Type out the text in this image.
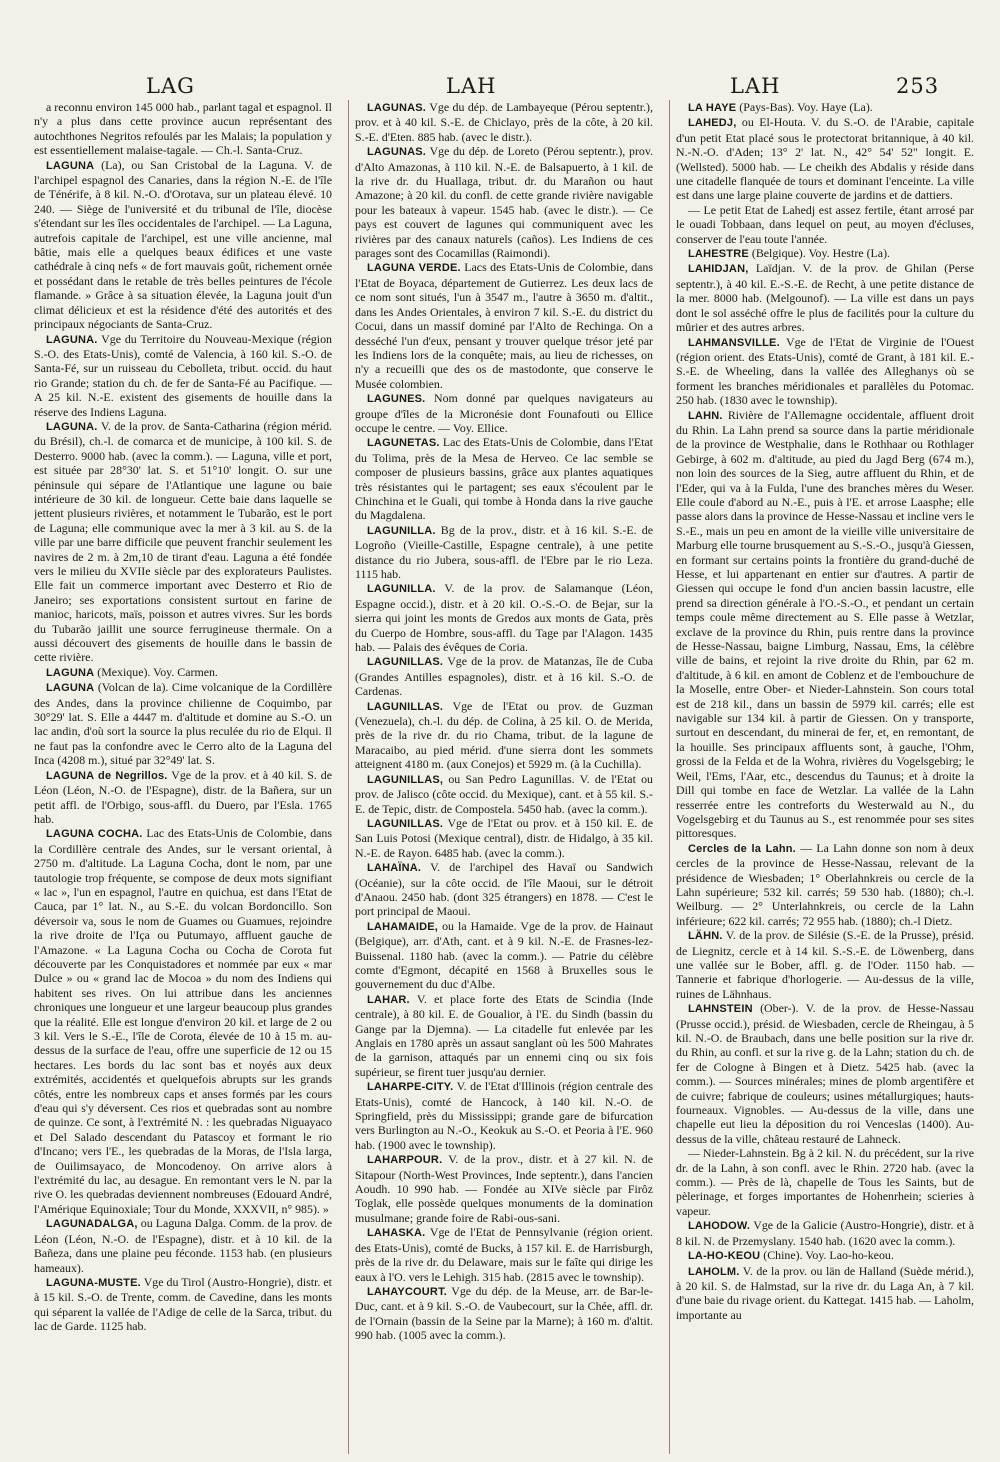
LAG	LAH	LAH	253

a reconnu environ 145 000 hab., parlant tagal et espagnol. Il n'y a plus dans cette province aucun représentant des autochthones Negritos refoulés par les Malais; la population y est essentiellement malaise-tagale. — Ch.-l. Santa-Cruz.

LAGUNA (La), ou San Cristobal de la Laguna. V. de l'archipel espagnol des Canaries, dans la région N.-E. de l'île de Ténérife, à 8 kil. N.-O. d'Orotava, sur un plateau élevé. 10 240. — Siège de l'université et du tribunal de l'île, diocèse s'étendant sur les îles occidentales de l'archipel. — La Laguna, autrefois capitale de l'archipel, est une ville ancienne, mal bâtie, mais elle a quelques beaux édifices et une vaste cathédrale à cinq nefs « de fort mauvais goût, richement ornée et possédant dans le retable de très belles peintures de l'école flamande. » Grâce à sa situation élevée, la Laguna jouit d'un climat délicieux et est la résidence d'été des autorités et des principaux négociants de Santa-Cruz.

LAGUNA. Vge du Territoire du Nouveau-Mexique (région S.-O. des Etats-Unis), comté de Valencia, à 160 kil. S.-O. de Santa-Fé, sur un ruisseau du Cebolleta, tribut. occid. du haut rio Grande; station du ch. de fer de Santa-Fé au Pacifique. — A 25 kil. N.-E. existent des gisements de houille dans la réserve des Indiens Laguna.

LAGUNA. V. de la prov. de Santa-Catharina (région mérid. du Brésil), ch.-l. de comarca et de municipe, à 100 kil. S. de Desterro. 9000 hab. (avec la comm.). — Laguna, ville et port, est située par 28°30' lat. S. et 51°10' longit. O. sur une péninsule qui sépare de l'Atlantique une lagune ou baie intérieure de 30 kil. de longueur. Cette baie dans laquelle se jettent plusieurs rivières, et notamment le Tubarão, est le port de Laguna; elle communique avec la mer à 3 kil. au S. de la ville par une barre difficile que peuvent franchir seulement les navires de 2 m. à 2m,10 de tirant d'eau. Laguna a été fondée vers le milieu du XVIIe siècle par des explorateurs Paulistes. Elle fait un commerce important avec Desterro et Rio de Janeiro; ses exportations consistent surtout en farine de manioc, haricots, maïs, poisson et autres vivres. Sur les bords du Tubarão jaillit une source ferrugineuse thermale. On a aussi découvert des gisements de houille dans le bassin de cette rivière.

LAGUNA (Mexique). Voy. Carmen.

LAGUNA (Volcan de la). Cime volcanique de la Cordillère des Andes, dans la province chilienne de Coquimbo, par 30°29' lat. S. Elle a 4447 m. d'altitude et domine au S.-O. un lac andin, d'où sort la source la plus reculée du rio de Elqui. Il ne faut pas la confondre avec le Cerro alto de la Laguna del Inca (4208 m.), situé par 32°49' lat. S.

LAGUNA de Negrillos. Vge de la prov. et à 40 kil. S. de Léon (Léon, N.-O. de l'Espagne), distr. de la Bañera, sur un petit affl. de l'Orbigo, sous-affl. du Duero, par l'Esla. 1765 hab.

LAGUNA COCHA. Lac des Etats-Unis de Colombie, dans la Cordillère centrale des Andes, sur le versant oriental, à 2750 m. d'altitude. La Laguna Cocha, dont le nom, par une tautologie trop fréquente, se compose de deux mots signifiant « lac », l'un en espagnol, l'autre en quichua, est dans l'Etat de Cauca, par 1° lat. N., au S.-E. du volcan Bordoncillo. Son déversoir va, sous le nom de Guames ou Guamues, rejoindre la rive droite de l'Iça ou Putumayo, affluent gauche de l'Amazone. « La Laguna Cocha ou Cocha de Corota fut découverte par les Conquistadores et nommée par eux « mar Dulce » ou « grand lac de Mocoa » du nom des Indiens qui habitent ses rives. On lui attribue dans les anciennes chroniques une longueur et une largeur beaucoup plus grandes que la réalité. Elle est longue d'environ 20 kil. et large de 2 ou 3 kil. Vers le S.-E., l'île de Corota, élevée de 10 à 15 m. au-dessus de la surface de l'eau, offre une superficie de 12 ou 15 hectares. Les bords du lac sont bas et noyés aux deux extrémités, accidentés et quelquefois abrupts sur les grands côtés, entre les nombreux caps et anses formés par les cours d'eau qui s'y déversent. Ces rios et quebradas sont au nombre de quinze. Ce sont, à l'extrémité N. : les quebradas Niguayaco et Del Salado descendant du Patascoy et formant le rio d'Incano; vers l'E., les quebradas de la Moras, de l'Isla larga, de Ouilimsayaco, de Moncodenoy. On arrive alors à l'extrémité du lac, au desague. En remontant vers le N. par la rive O. les quebradas deviennent nombreuses (Edouard André, l'Amérique Equinoxiale; Tour du Monde, XXXVII, n° 985). »

LAGUNADALGA, ou Laguna Dalga. Comm. de la prov. de Léon (Léon, N.-O. de l'Espagne), distr. et à 10 kil. de la Bañeza, dans une plaine peu féconde. 1153 hab. (en plusieurs hameaux).

LAGUNA-MUSTE. Vge du Tirol (Austro-Hongrie), distr. et à 15 kil. S.-O. de Trente, comm. de Cavedine, dans les monts qui séparent la vallée de l'Adige de celle de la Sarca, tribut. du lac de Garde. 1125 hab.

LAGUNAS. Vge du dép. de Lambayeque (Pérou septentr.), prov. et à 40 kil. S.-E. de Chiclayo, près de la côte, à 20 kil. S.-E. d'Eten. 885 hab. (avec le distr.).

LAGUNAS. Vge du dép. de Loreto (Pérou septentr.), prov. d'Alto Amazonas, à 110 kil. N.-E. de Balsapuerto, à 1 kil. de la rive dr. du Huallaga, tribut. dr. du Marañon ou haut Amazone; à 20 kil. du confl. de cette grande rivière navigable pour les bateaux à vapeur. 1545 hab. (avec le distr.). — Ce pays est couvert de lagunes qui communiquent avec les rivières par des canaux naturels (caños). Les Indiens de ces parages sont des Cocamillas (Raimondi).

LAGUNA VERDE. Lacs des Etats-Unis de Colombie, dans l'Etat de Boyaca, département de Gutierrez. Les deux lacs de ce nom sont situés, l'un à 3547 m., l'autre à 3650 m. d'altit., dans les Andes Orientales, à environ 7 kil. S.-E. du district du Cocui, dans un massif dominé par l'Alto de Rechinga. On a desséché l'un d'eux, pensant y trouver quelque trésor jeté par les Indiens lors de la conquête; mais, au lieu de richesses, on n'y a recueilli que des os de mastodonte, que conserve le Musée colombien.

LAGUNES. Nom donné par quelques navigateurs au groupe d'îles de la Micronésie dont Founafouti ou Ellice occupe le centre. — Voy. Ellice.

LAGUNETAS. Lac des Etats-Unis de Colombie, dans l'Etat du Tolima, près de la Mesa de Herveo. Ce lac semble se composer de plusieurs bassins, grâce aux plantes aquatiques très résistantes qui le partagent; ses eaux s'écoulent par le Chinchina et le Guali, qui tombe à Honda dans la rive gauche du Magdalena.

LAGUNILLA. Bg de la prov., distr. et à 16 kil. S.-E. de Logroño (Vieille-Castille, Espagne centrale), à une petite distance du rio Jubera, sous-affl. de l'Ebre par le rio Leza. 1115 hab.

LAGUNILLA. V. de la prov. de Salamanque (Léon, Espagne occid.), distr. et à 20 kil. O.-S.-O. de Bejar, sur la sierra qui joint les monts de Gredos aux monts de Gata, près du Cuerpo de Hombre, sous-affl. du Tage par l'Alagon. 1435 hab. — Palais des évêques de Coria.

LAGUNILLAS. Vge de la prov. de Matanzas, île de Cuba (Grandes Antilles espagnoles), distr. et à 16 kil. S.-O. de Cardenas.

LAGUNILLAS. Vge de l'Etat ou prov. de Guzman (Venezuela), ch.-l. du dép. de Colina, à 25 kil. O. de Merida, près de la rive dr. du rio Chama, tribut. de la lagune de Maracaibo, au pied mérid. d'une sierra dont les sommets atteignent 4180 m. (aux Conejos) et 5929 m. (à la Cuchilla).

LAGUNILLAS, ou San Pedro Lagunillas. V. de l'Etat ou prov. de Jalisco (côte occid. du Mexique), cant. et à 55 kil. S.-E. de Tepic, distr. de Compostela. 5450 hab. (avec la comm.).

LAGUNILLAS. Vge de l'Etat ou prov. et à 150 kil. E. de San Luis Potosi (Mexique central), distr. de Hidalgo, à 35 kil. N.-E. de Rayon. 6485 hab. (avec la comm.).

LAHAÏNA. V. de l'archipel des Havaï ou Sandwich (Océanie), sur la côte occid. de l'île Maoui, sur le détroit d'Anaou. 2450 hab. (dont 325 étrangers) en 1878. — C'est le port principal de Maoui.

LAHAMAIDE, ou la Hamaide. Vge de la prov. de Hainaut (Belgique), arr. d'Ath, cant. et à 9 kil. N.-E. de Frasnes-lez-Buissenal. 1180 hab. (avec la comm.). — Patrie du célèbre comte d'Egmont, décapité en 1568 à Bruxelles sous le gouvernement du duc d'Albe.

LAHAR. V. et place forte des Etats de Scindia (Inde centrale), à 80 kil. E. de Goualior, à l'E. du Sindh (bassin du Gange par la Djemna). — La citadelle fut enlevée par les Anglais en 1780 après un assaut sanglant où les 500 Mahrates de la garnison, attaqués par un ennemi cinq ou six fois supérieur, se firent tuer jusqu'au dernier.

LAHARPE-CITY. V. de l'Etat d'Illinois (région centrale des Etats-Unis), comté de Hancock, à 140 kil. N.-O. de Springfield, près du Mississippi; grande gare de bifurcation vers Burlington au N.-O., Keokuk au S.-O. et Peoria à l'E. 960 hab. (1900 avec le township).

LAHARPOUR. V. de la prov., distr. et à 27 kil. N. de Sitapour (North-West Provinces, Inde septentr.), dans l'ancien Aoudh. 10 990 hab. — Fondée au XIVe siècle par Firôz Toglak, elle possède quelques monuments de la domination musulmane; grande foire de Rabi-ous-sani.

LAHASKA. Vge de l'Etat de Pennsylvanie (région orient. des Etats-Unis), comté de Bucks, à 157 kil. E. de Harrisburgh, près de la rive dr. du Delaware, mais sur le faîte qui dirige les eaux à l'O. vers le Lehigh. 315 hab. (2815 avec le township).

LAHAYCOURT. Vge du dép. de la Meuse, arr. de Bar-le-Duc, cant. et à 9 kil. S.-O. de Vaubecourt, sur la Chée, affl. dr. de l'Ornain (bassin de la Seine par la Marne); à 160 m. d'altit. 990 hab. (1005 avec la comm.).

LA HAYE (Pays-Bas). Voy. Haye (La).

LAHEDJ, ou El-Houta. V. du S.-O. de l'Arabie, capitale d'un petit Etat placé sous le protectorat britannique, à 40 kil. N.-N.-O. d'Aden; 13° 2' lat. N., 42° 54' 52" longit. E. (Wellsted). 5000 hab. — Le cheikh des Abdalis y réside dans une citadelle flanquée de tours et dominant l'enceinte. La ville est dans une large plaine couverte de jardins et de dattiers.

— Le petit Etat de Lahedj est assez fertile, étant arrosé par le ouadi Tobbaan, dans lequel on peut, au moyen d'écluses, conserver de l'eau toute l'année.

LAHESTRE (Belgique). Voy. Hestre (La).

LAHIDJAN, Laïdjan. V. de la prov. de Ghilan (Perse septentr.), à 40 kil. E.-S.-E. de Recht, à une petite distance de la mer. 8000 hab. (Melgounof). — La ville est dans un pays dont le sol asséché offre le plus de facilités pour la culture du mûrier et des autres arbres.

LAHMANSVILLE. Vge de l'Etat de Virginie de l'Ouest (région orient. des Etats-Unis), comté de Grant, à 181 kil. E.-S.-E. de Wheeling, dans la vallée des Alleghanys où se forment les branches méridionales et parallèles du Potomac. 250 hab. (1830 avec le township).

LAHN. Rivière de l'Allemagne occidentale, affluent droit du Rhin. La Lahn prend sa source dans la partie méridionale de la province de Westphalie, dans le Rothhaar ou Rothlager Gebirge, à 602 m. d'altitude, au pied du Jagd Berg (674 m.), non loin des sources de la Sieg, autre affluent du Rhin, et de l'Eder, qui va à la Fulda, l'une des branches mères du Weser. Elle coule d'abord au N.-E., puis à l'E. et arrose Laasphe; elle passe alors dans la province de Hesse-Nassau et incline vers le S.-E., mais un peu en amont de la vieille ville universitaire de Marburg elle tourne brusquement au S.-S.-O., jusqu'à Giessen, en formant sur certains points la frontière du grand-duché de Hesse, et lui appartenant en entier sur d'autres. A partir de Giessen qui occupe le fond d'un ancien bassin lacustre, elle prend sa direction générale à l'O.-S.-O., et pendant un certain temps coule même directement au S. Elle passe à Wetzlar, exclave de la province du Rhin, puis rentre dans la province de Hesse-Nassau, baigne Limburg, Nassau, Ems, la célèbre ville de bains, et rejoint la rive droite du Rhin, par 62 m. d'altitude, à 6 kil. en amont de Coblenz et de l'embouchure de la Moselle, entre Ober- et Nieder-Lahnstein. Son cours total est de 218 kil., dans un bassin de 5979 kil. carrés; elle est navigable sur 134 kil. à partir de Giessen. On y transporte, surtout en descendant, du minerai de fer, et, en remontant, de la houille. Ses principaux affluents sont, à gauche, l'Ohm, grossi de la Felda et de la Wohra, rivières du Vogelsgebirg; le Weil, l'Ems, l'Aar, etc., descendus du Taunus; et à droite la Dill qui tombe en face de Wetzlar. La vallée de la Lahn resserrée entre les contreforts du Westerwald au N., du Vogelsgebirg et du Taunus au S., est renommée pour ses sites pittoresques.

Cercles de la Lahn. — La Lahn donne son nom à deux cercles de la province de Hesse-Nassau, relevant de la présidence de Wiesbaden; 1° Oberlahnkreis ou cercle de la Lahn supérieure; 532 kil. carrés; 59 530 hab. (1880); ch.-l. Weilburg. — 2° Unterlahnkreis, ou cercle de la Lahn inférieure; 622 kil. carrés; 72 955 hab. (1880); ch.-l Dietz.

LÄHN. V. de la prov. de Silésie (S.-E. de la Prusse), présid. de Liegnitz, cercle et à 14 kil. S.-S.-E. de Löwenberg, dans une vallée sur le Bober, affl. g. de l'Oder. 1150 hab. — Tannerie et fabrique d'horlogerie. — Au-dessus de la ville, ruines de Lähnhaus.

LAHNSTEIN (Ober-). V. de la prov. de Hesse-Nassau (Prusse occid.), présid. de Wiesbaden, cercle de Rheingau, à 5 kil. N.-O. de Braubach, dans une belle position sur la rive dr. du Rhin, au confl. et sur la rive g. de la Lahn; station du ch. de fer de Cologne à Bingen et à Dietz. 5425 hab. (avec la comm.). — Sources minérales; mines de plomb argentifère et de cuivre; fabrique de couleurs; usines métallurgiques; hauts-fourneaux. Vignobles. — Au-dessus de la ville, dans une chapelle eut lieu la déposition du roi Venceslas (1400). Au-dessus de la ville, château restauré de Lahneck.

— Nieder-Lahnstein. Bg à 2 kil. N. du précédent, sur la rive dr. de la Lahn, à son confl. avec le Rhin. 2720 hab. (avec la comm.). — Près de là, chapelle de Tous les Saints, but de pèlerinage, et forges importantes de Hohenrhein; scieries à vapeur.

LAHODOW. Vge de la Galicie (Austro-Hongrie), distr. et à 8 kil. N. de Przemyslany. 1540 hab. (1620 avec la comm.).

LA-HO-KEOU (Chine). Voy. Lao-ho-keou.

LAHOLM. V. de la prov. ou län de Halland (Suède mérid.), à 20 kil. S. de Halmstad, sur la rive dr. du Laga An, à 7 kil. d'une baie du rivage orient. du Kattegat. 1415 hab. — Laholm, importante au
